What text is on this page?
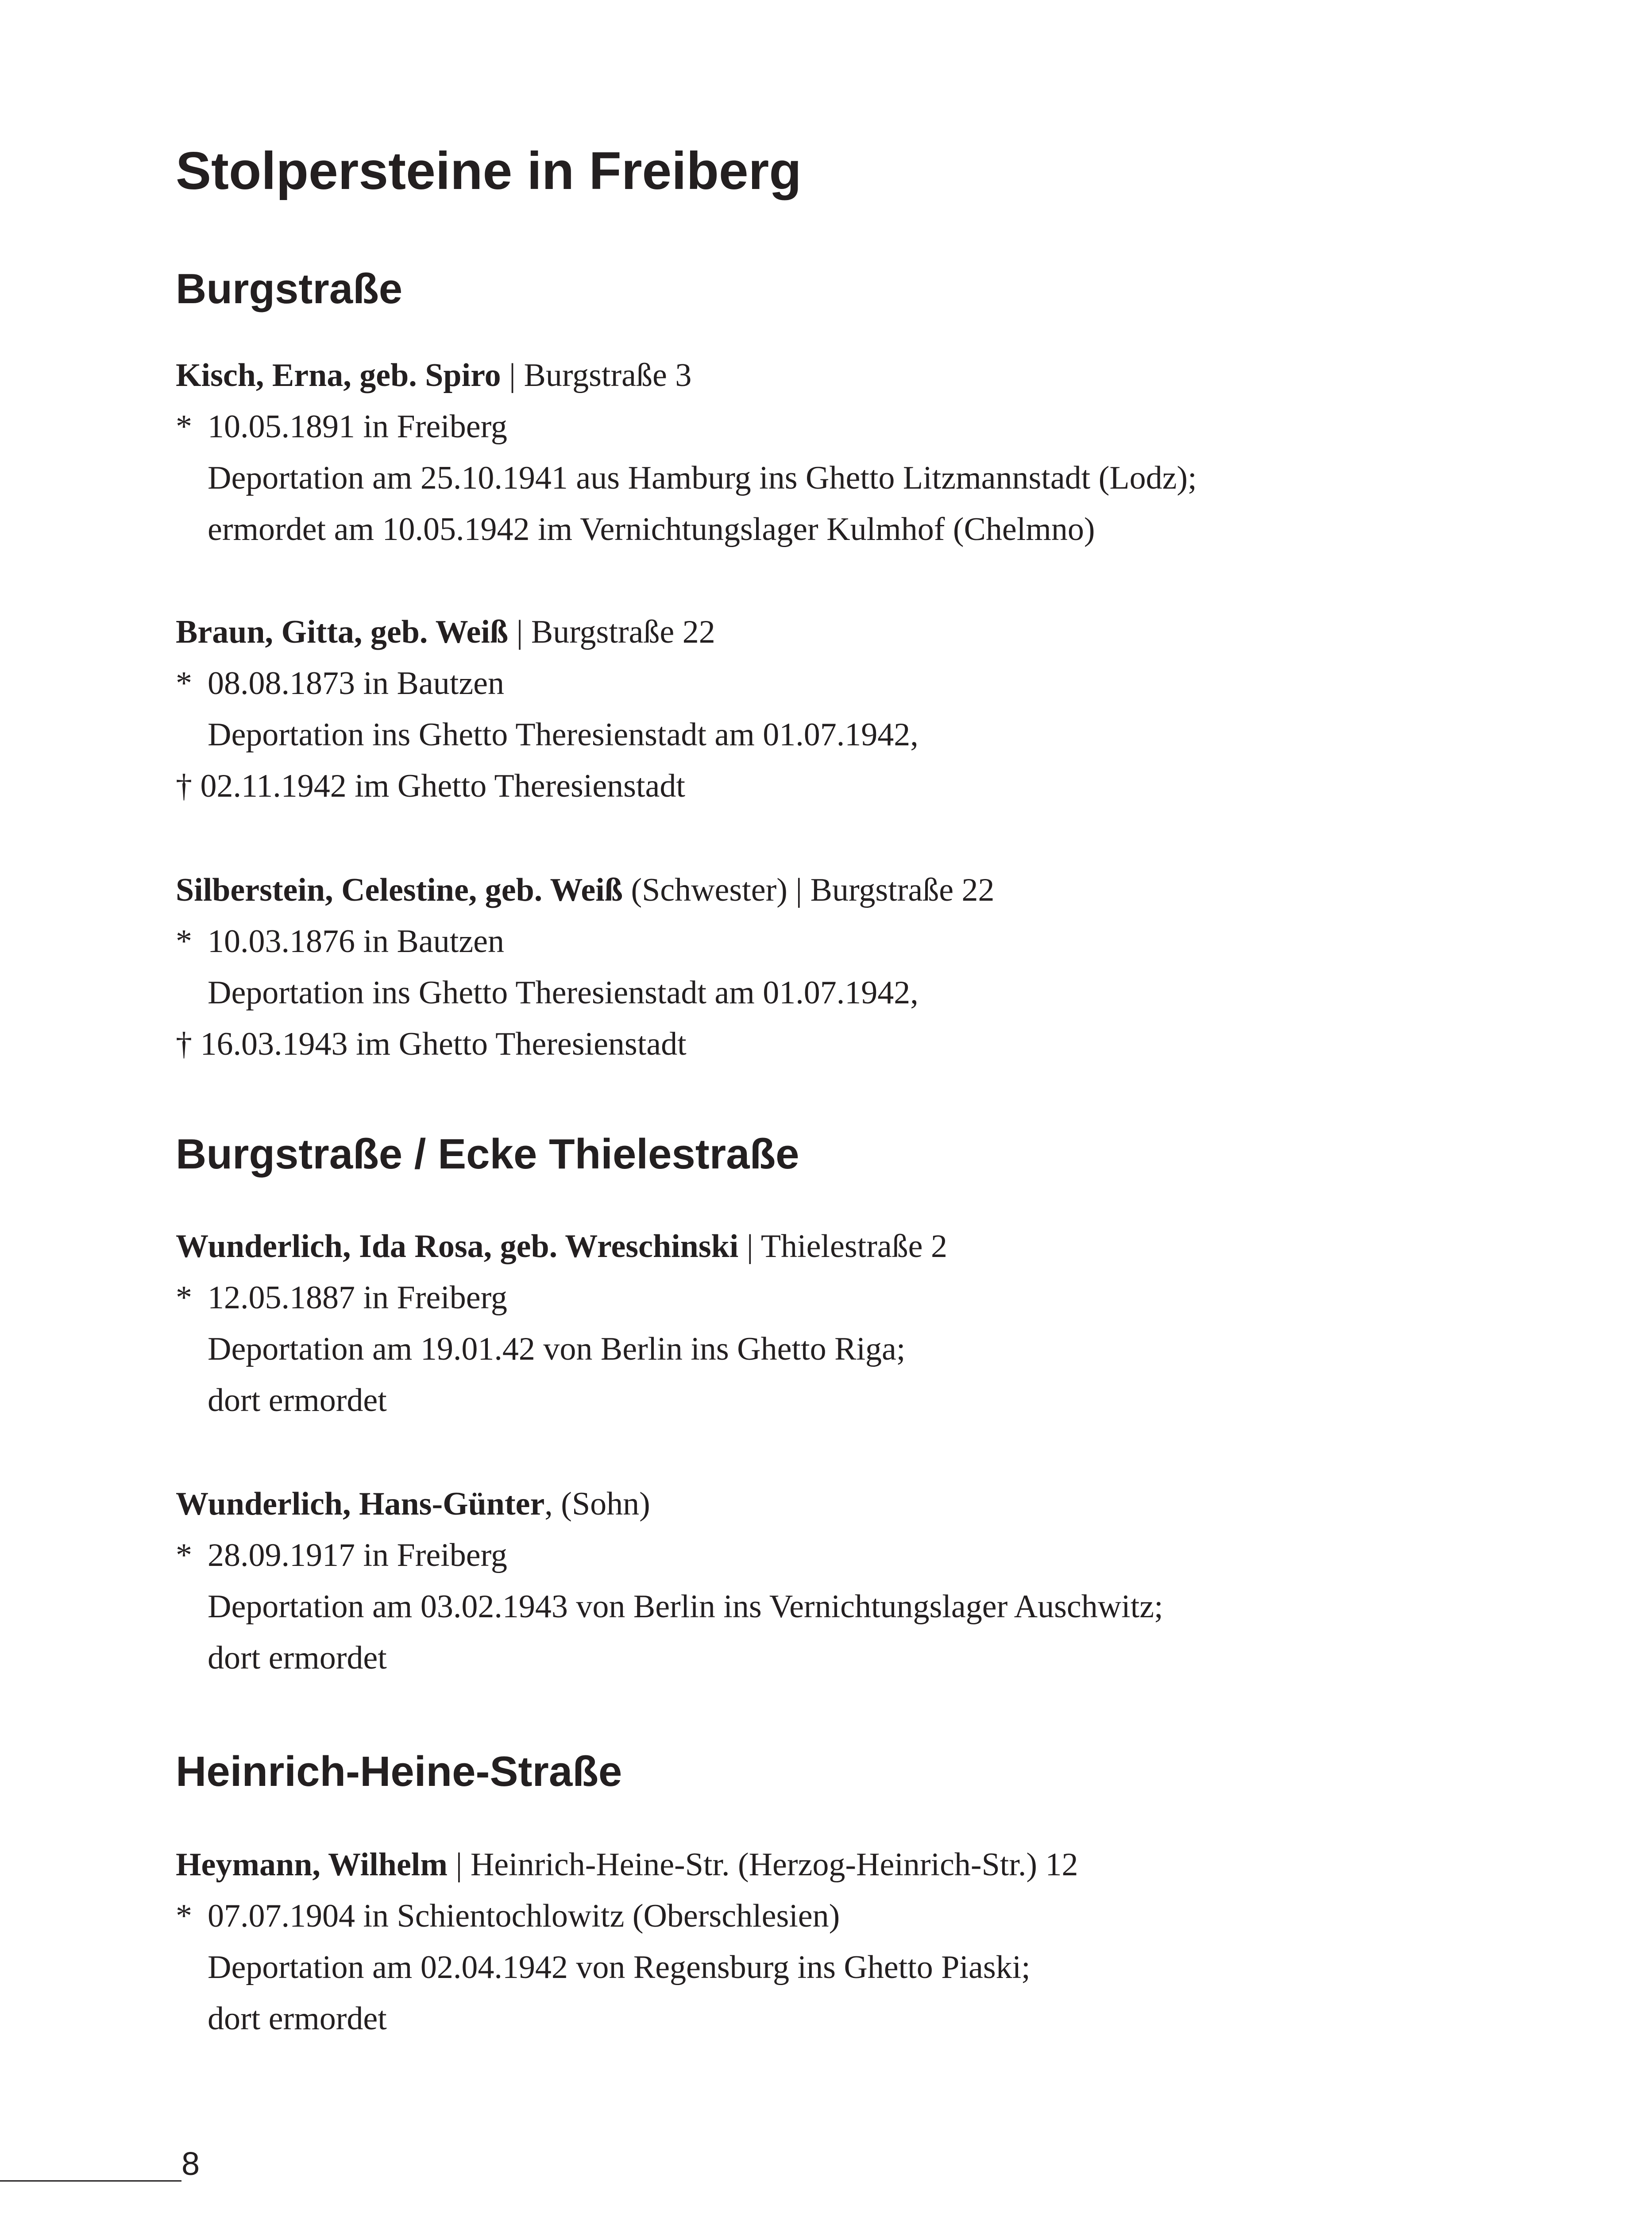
Stolpersteine in Freiberg
Burgstraße
Kisch, Erna, geb. Spiro | Burgstraße 3
* 10.05.1891 in Freiberg
Deportation am 25.10.1941 aus Hamburg ins Ghetto Litzmannstadt (Lodz);
ermordet am 10.05.1942 im Vernichtungslager Kulmhof (Chelmno)
Braun, Gitta, geb. Weiß | Burgstraße 22
* 08.08.1873 in Bautzen
Deportation ins Ghetto Theresienstadt am 01.07.1942,
† 02.11.1942 im Ghetto Theresienstadt
Silberstein, Celestine, geb. Weiß (Schwester) | Burgstraße 22
* 10.03.1876 in Bautzen
Deportation ins Ghetto Theresienstadt am 01.07.1942,
† 16.03.1943 im Ghetto Theresienstadt
Burgstraße / Ecke Thielestraße
Wunderlich, Ida Rosa, geb. Wreschinski | Thielestraße 2
* 12.05.1887 in Freiberg
Deportation am 19.01.42 von Berlin ins Ghetto Riga;
dort ermordet
Wunderlich, Hans-Günter, (Sohn)
* 28.09.1917 in Freiberg
Deportation am 03.02.1943 von Berlin ins Vernichtungslager Auschwitz;
dort ermordet
Heinrich-Heine-Straße
Heymann, Wilhelm | Heinrich-Heine-Str. (Herzog-Heinrich-Str.) 12
* 07.07.1904 in Schientochlowitz (Oberschlesien)
Deportation am 02.04.1942 von Regensburg ins Ghetto Piaski;
dort ermordet
8
